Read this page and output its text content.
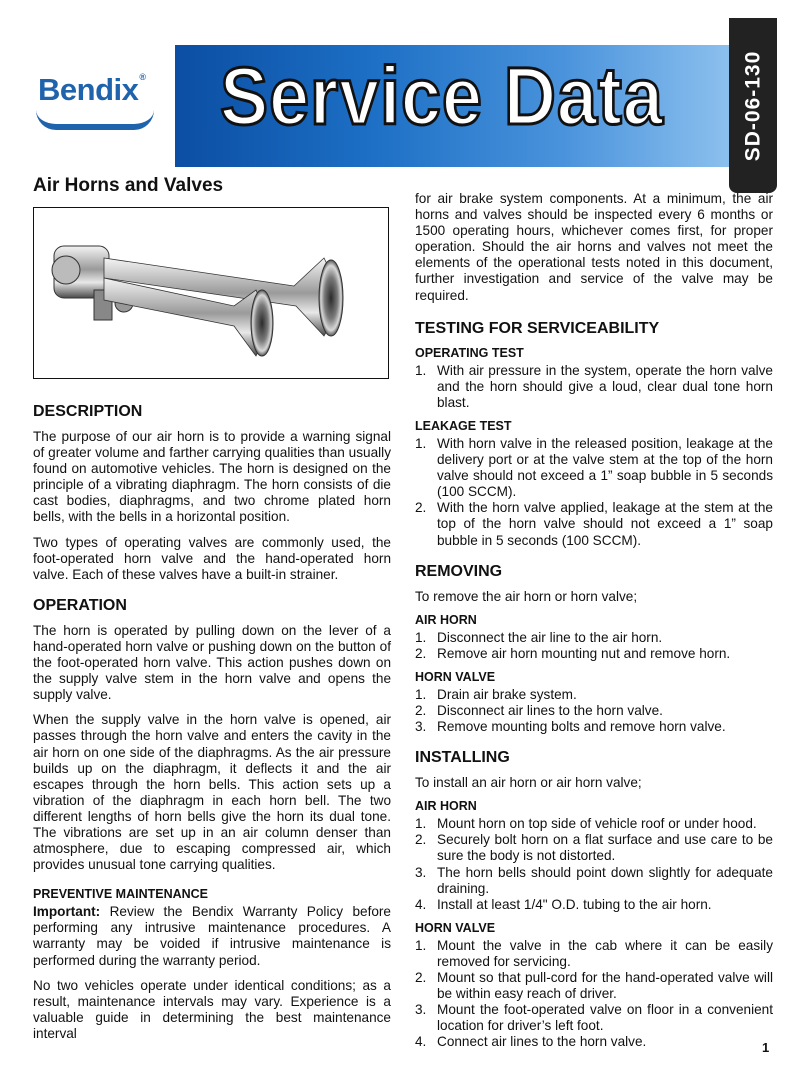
Bendix® Service Data	SD-06-130
Air Horns and Valves
DESCRIPTION

The purpose of our air horn is to provide a warning signal of greater volume and farther carrying qualities than usually found on automotive vehicles. The horn is designed on the principle of a vibrating diaphragm. The horn consists of die cast bodies, diaphragms, and two chrome plated horn bells, with the bells in a horizontal position.

Two types of operating valves are commonly used, the foot-operated horn valve and the hand-operated horn valve. Each of these valves have a built-in strainer.

OPERATION

The horn is operated by pulling down on the lever of a hand-operated horn valve or pushing down on the button of the foot-operated horn valve. This action pushes down on the supply valve stem in the horn valve and opens the supply valve.

When the supply valve in the horn valve is opened, air passes through the horn valve and enters the cavity in the air horn on one side of the diaphragms. As the air pressure builds up on the diaphragm, it deflects it and the air escapes through the horn bells. This action sets up a vibration of the diaphragm in each horn bell. The two different lengths of horn bells give the horn its dual tone. The vibrations are set up in an air column denser than atmosphere, due to escaping compressed air, which provides unusual tone carrying qualities.

PREVENTIVE MAINTENANCE

Important: Review the Bendix Warranty Policy before performing any intrusive maintenance procedures. A warranty may be voided if intrusive maintenance is performed during the warranty period.

No two vehicles operate under identical conditions; as a result, maintenance intervals may vary. Experience is a valuable guide in determining the best maintenance interval

for air brake system components. At a minimum, the air horns and valves should be inspected every 6 months or 1500 operating hours, whichever comes first, for proper operation. Should the air horns and valves not meet the elements of the operational tests noted in this document, further investigation and service of the valve may be required.

TESTING FOR SERVICEABILITY
OPERATING TEST
1. With air pressure in the system, operate the horn valve and the horn should give a loud, clear dual tone horn blast.
LEAKAGE TEST
1. With horn valve in the released position, leakage at the delivery port or at the valve stem at the top of the horn valve should not exceed a 1” soap bubble in 5 seconds (100 SCCM).
2. With the horn valve applied, leakage at the stem at the top of the horn valve should not exceed a 1” soap bubble in 5 seconds (100 SCCM).
REMOVING

To remove the air horn or horn valve;

AIR HORN
1. Disconnect the air line to the air horn.
2. Remove air horn mounting nut and remove horn.
HORN VALVE
1. Drain air brake system.
2. Disconnect air lines to the horn valve.
3. Remove mounting bolts and remove horn valve.
INSTALLING

To install an air horn or air horn valve;

AIR HORN
1. Mount horn on top side of vehicle roof or under hood.
2. Securely bolt horn on a flat surface and use care to be sure the body is not distorted.
3. The horn bells should point down slightly for adequate draining.
4. Install at least 1/4" O.D. tubing to the air horn.
HORN VALVE
1. Mount the valve in the cab where it can be easily removed for servicing.
2. Mount so that pull-cord for the hand-operated valve will be within easy reach of driver.
3. Mount the foot-operated valve on floor in a convenient location for driver’s left foot.
4. Connect air lines to the horn valve.	1
